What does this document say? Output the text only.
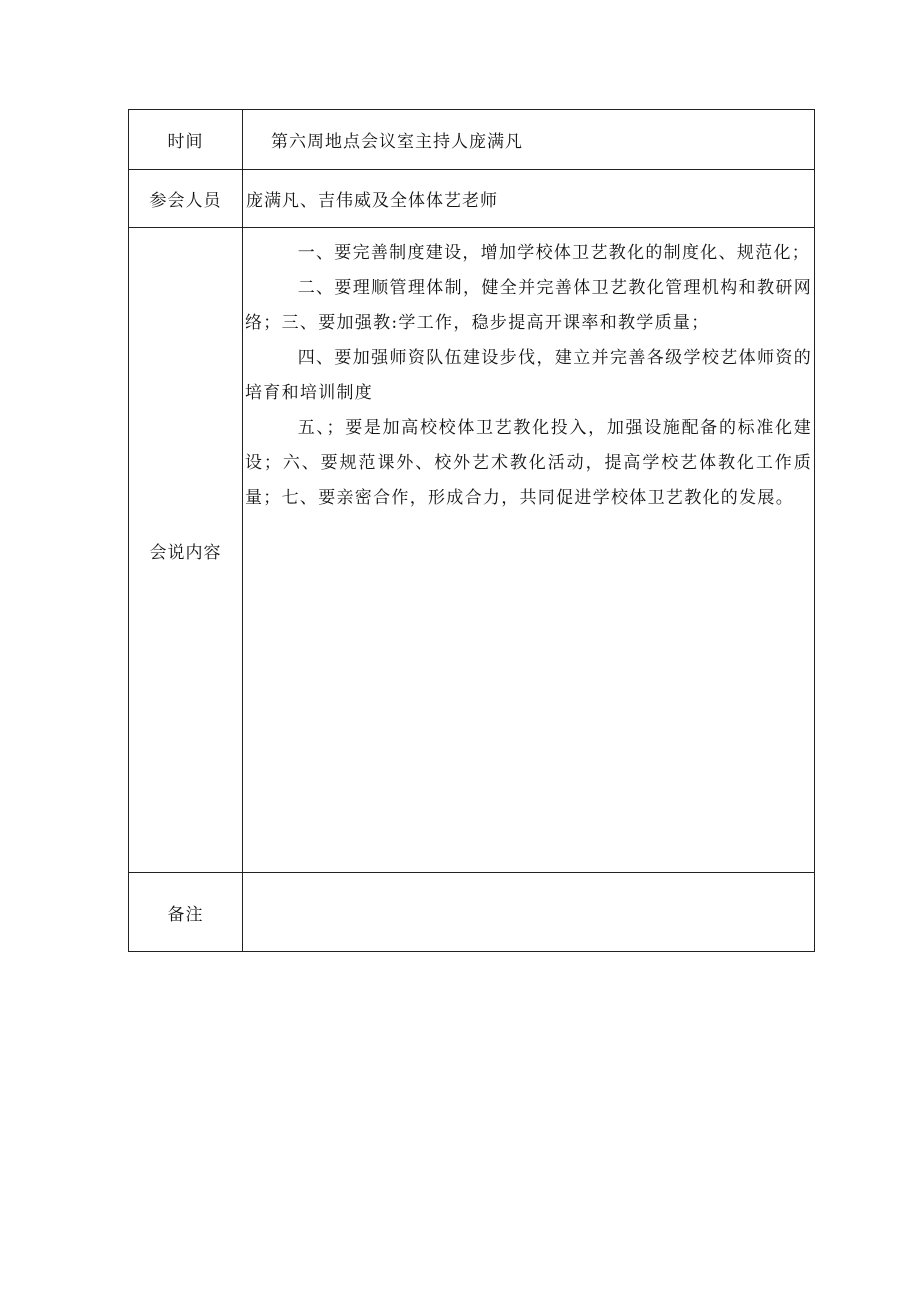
时间	第六周地点会议室主持人庞满凡
参会人员	庞满凡、吉伟威及全体体艺老师
会说内容	一、要完善制度建设，增加学校体卫艺教化的制度化、规范化；

二、要理顺管理体制，健全并完善体卫艺教化管理机构和教研网络；三、要加强教:学工作，稳步提高开课率和教学质量；

四、要加强师资队伍建设步伐，建立并完善各级学校艺体师资的培育和培训制度

五、；要是加高校校体卫艺教化投入，加强设施配备的标准化建设；六、要规范课外、校外艺术教化活动，提高学校艺体教化工作质量；七、要亲密合作，形成合力，共同促进学校体卫艺教化的发展。

备注	
